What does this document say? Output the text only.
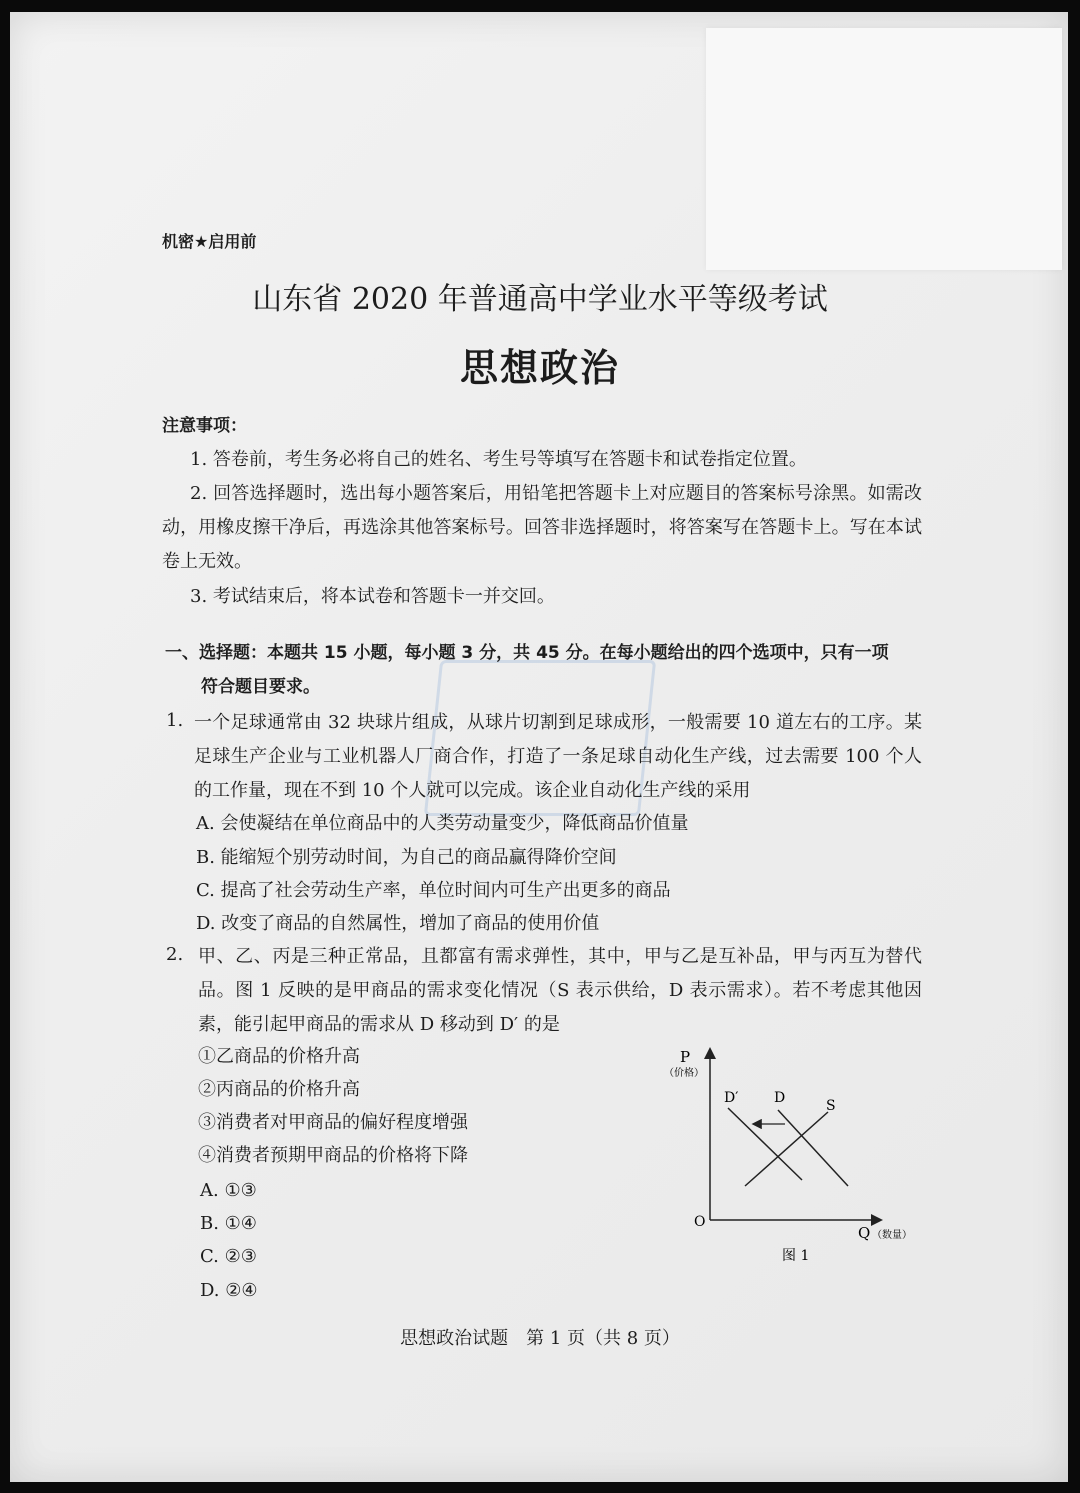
机密★启用前
山东省 2020 年普通高中学业水平等级考试
思想政治
注意事项：
1. 答卷前，考生务必将自己的姓名、考生号等填写在答题卡和试卷指定位置。
2. 回答选择题时，选出每小题答案后，用铅笔把答题卡上对应题目的答案标号涂黑。如需改动，用橡皮擦干净后，再选涂其他答案标号。回答非选择题时，将答案写在答题卡上。写在本试卷上无效。
3. 考试结束后，将本试卷和答题卡一并交回。
一、选择题：本题共 15 小题，每小题 3 分，共 45 分。在每小题给出的四个选项中，只有一项
符合题目要求。
1. 一个足球通常由 32 块球片组成，从球片切割到足球成形，一般需要 10 道左右的工序。某足球生产企业与工业机器人厂商合作，打造了一条足球自动化生产线，过去需要 100 个人的工作量，现在不到 10 个人就可以完成。该企业自动化生产线的采用
A. 会使凝结在单位商品中的人类劳动量变少，降低商品价值量
B. 能缩短个别劳动时间，为自己的商品赢得降价空间
C. 提高了社会劳动生产率，单位时间内可生产出更多的商品
D. 改变了商品的自然属性，增加了商品的使用价值
2. 甲、乙、丙是三种正常品，且都富有需求弹性，其中，甲与乙是互补品，甲与丙互为替代品。图 1 反映的是甲商品的需求变化情况（S 表示供给，D 表示需求）。若不考虑其他因素，能引起甲商品的需求从 D 移动到 D′ 的是
①乙商品的价格升高
②丙商品的价格升高
③消费者对甲商品的偏好程度增强
④消费者预期甲商品的价格将下降
A. ①③
B. ①④
C. ②③
D. ②④
P
（价格）
O
D′	D	S
Q （数量）
图 1
思想政治试题　第 1 页（共 8 页）
